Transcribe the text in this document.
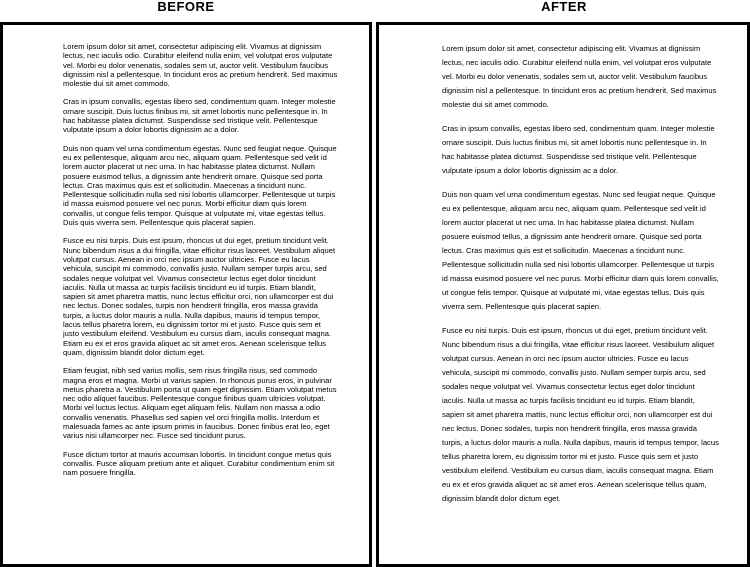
BEFORE	AFTER

Lorem ipsum dolor sit amet, consectetur adipiscing elit. Vivamus at dignissim lectus, nec iaculis odio. Curabitur eleifend nulla enim, vel volutpat eros vulputate vel. Morbi eu dolor venenatis, sodales sem ut, auctor velit. Vestibulum faucibus dignissim nisl a pellentesque. In tincidunt eros ac pretium hendrerit. Sed maximus molestie dui sit amet commodo.

Cras in ipsum convallis, egestas libero sed, condimentum quam. Integer molestie ornare suscipit. Duis luctus finibus mi, sit amet lobortis nunc pellentesque in. In hac habitasse platea dictumst. Suspendisse sed tristique velit. Pellentesque vulputate ipsum a dolor lobortis dignissim ac a dolor.

Duis non quam vel urna condimentum egestas. Nunc sed feugiat neque. Quisque eu ex pellentesque, aliquam arcu nec, aliquam quam. Pellentesque sed velit id lorem auctor placerat ut nec urna. In hac habitasse platea dictumst. Nullam posuere euismod tellus, a dignissim ante hendrerit ornare. Quisque sed porta lectus. Cras maximus quis est et sollicitudin. Maecenas a tincidunt nunc. Pellentesque sollicitudin nulla sed nisi lobortis ullamcorper. Pellentesque ut turpis id massa euismod posuere vel nec purus. Morbi efficitur diam quis lorem convallis, ut congue felis tempor. Quisque at vulputate mi, vitae egestas tellus. Duis quis viverra sem. Pellentesque quis placerat sapien.

Fusce eu nisi turpis. Duis est ipsum, rhoncus ut dui eget, pretium tincidunt velit. Nunc bibendum risus a dui fringilla, vitae efficitur risus laoreet. Vestibulum aliquet volutpat cursus. Aenean in orci nec ipsum auctor ultricies. Fusce eu lacus vehicula, suscipit mi commodo, convallis justo. Nullam semper turpis arcu, sed sodales neque volutpat vel. Vivamus consectetur lectus eget dolor tincidunt iaculis. Nulla ut massa ac turpis facilisis tincidunt eu id turpis. Etiam blandit, sapien sit amet pharetra mattis, nunc lectus efficitur orci, non ullamcorper est dui nec lectus. Donec sodales, turpis non hendrerit fringilla, eros massa gravida turpis, a luctus dolor mauris a nulla. Nulla dapibus, mauris id tempus tempor, lacus tellus pharetra lorem, eu dignissim tortor mi et justo. Fusce quis sem et justo vestibulum eleifend. Vestibulum eu cursus diam, iaculis consequat magna. Etiam eu ex et eros gravida aliquet ac sit amet eros. Aenean scelerisque tellus quam, dignissim blandit dolor dictum eget.

Etiam feugiat, nibh sed varius mollis, sem risus fringilla risus, sed commodo magna eros et magna. Morbi ut varius sapien. In rhoncus purus eros, in pulvinar metus pharetra a. Vestibulum porta ut quam eget dignissim. Etiam volutpat metus nec odio aliquet faucibus. Pellentesque congue finibus quam ultricies volutpat. Morbi vel luctus lectus. Aliquam eget aliquam felis. Nullam non massa a odio convallis venenatis. Phasellus sed sapien vel orci fringilla mollis. Interdum et malesuada fames ac ante ipsum primis in faucibus. Donec finibus erat leo, eget varius nisi ullamcorper nec. Fusce sed tincidunt purus.

Fusce dictum tortor at mauris accumsan lobortis. In tincidunt congue metus quis convallis. Fusce aliquam pretium ante et aliquet. Curabitur condimentum enim sit nam posuere fringilla.

Lorem ipsum dolor sit amet, consectetur adipiscing elit. Vivamus at dignissim lectus, nec iaculis odio. Curabitur eleifend nulla enim, vel volutpat eros vulputate vel. Morbi eu dolor venenatis, sodales sem ut, auctor velit. Vestibulum faucibus dignissim nisl a pellentesque. In tincidunt eros ac pretium hendrerit. Sed maximus molestie dui sit amet commodo.

Cras in ipsum convallis, egestas libero sed, condimentum quam. Integer molestie ornare suscipit. Duis luctus finibus mi, sit amet lobortis nunc pellentesque in. In hac habitasse platea dictumst. Suspendisse sed tristique velit. Pellentesque vulputate ipsum a dolor lobortis dignissim ac a dolor.

Duis non quam vel urna condimentum egestas. Nunc sed feugiat neque. Quisque eu ex pellentesque, aliquam arcu nec, aliquam quam. Pellentesque sed velit id lorem auctor placerat ut nec urna. In hac habitasse platea dictumst. Nullam posuere euismod tellus, a dignissim ante hendrerit ornare. Quisque sed porta lectus. Cras maximus quis est et sollicitudin. Maecenas a tincidunt nunc. Pellentesque sollicitudin nulla sed nisi lobortis ullamcorper. Pellentesque ut turpis id massa euismod posuere vel nec purus. Morbi efficitur diam quis lorem convallis, ut congue felis tempor. Quisque at vulputate mi, vitae egestas tellus. Duis quis viverra sem. Pellentesque quis placerat sapien.

Fusce eu nisi turpis. Duis est ipsum, rhoncus ut dui eget, pretium tincidunt velit. Nunc bibendum risus a dui fringilla, vitae efficitur risus laoreet. Vestibulum aliquet volutpat cursus. Aenean in orci nec ipsum auctor ultricies. Fusce eu lacus vehicula, suscipit mi commodo, convallis justo. Nullam semper turpis arcu, sed sodales neque volutpat vel. Vivamus consectetur lectus eget dolor tincidunt iaculis. Nulla ut massa ac turpis facilisis tincidunt eu id turpis. Etiam blandit, sapien sit amet pharetra mattis, nunc lectus efficitur orci, non ullamcorper est dui nec lectus. Donec sodales, turpis non hendrerit fringilla, eros massa gravida turpis, a luctus dolor mauris a nulla. Nulla dapibus, mauris id tempus tempor, lacus tellus pharetra lorem, eu dignissim tortor mi et justo. Fusce quis sem et justo vestibulum eleifend. Vestibulum eu cursus diam, iaculis consequat magna. Etiam eu ex et eros gravida aliquet ac sit amet eros. Aenean scelerisque tellus quam, dignissim blandit dolor dictum eget.
